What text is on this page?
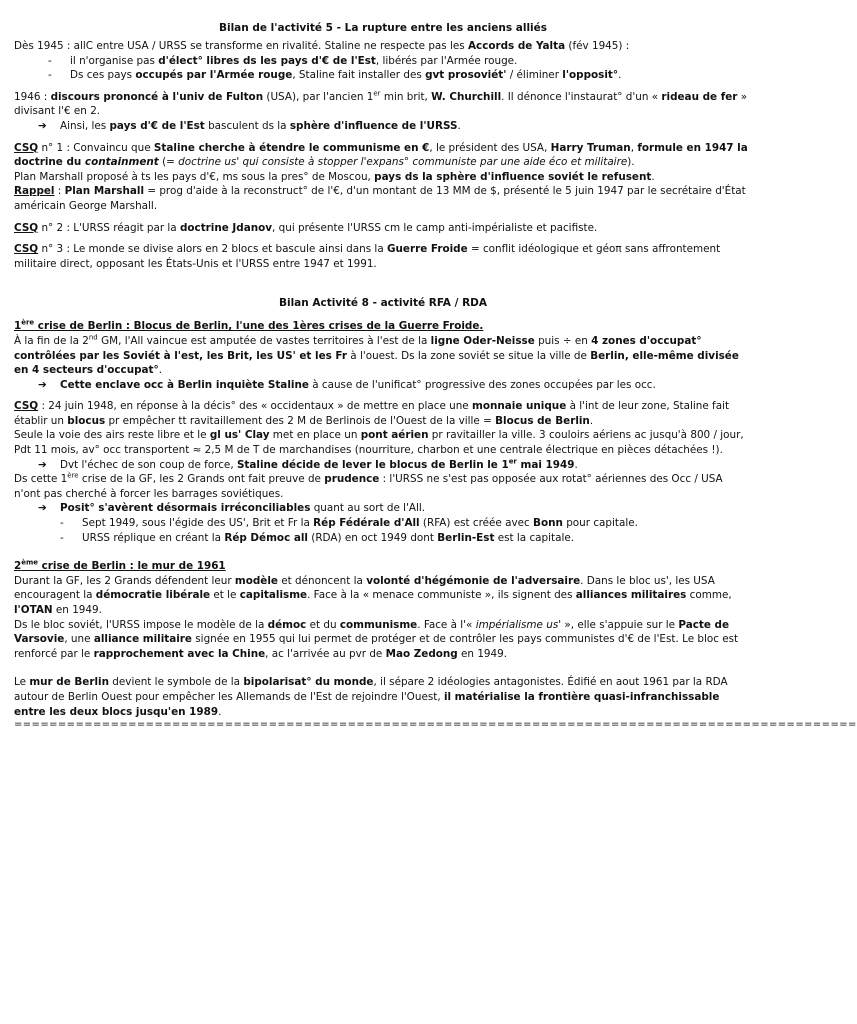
Bilan de l'activité 5 - La rupture entre les anciens alliés

Dès 1945 : allC entre USA / URSS se transforme en rivalité. Staline ne respecte pas les Accords de Yalta (fév 1945) :

- il n'organise pas d'élect° libres ds les pays d'€ de l'Est, libérés par l'Armée rouge.

- Ds ces pays occupés par l'Armée rouge, Staline fait installer des gvt prosoviét' / éliminer l'opposit°.

1946 : discours prononcé à l'univ de Fulton (USA), par l'ancien 1er min brit, W. Churchill. Il dénonce l'instaurat° d'un « rideau de fer » divisant l'€ en 2.

➔ Ainsi, les pays d'€ de l'Est basculent ds la sphère d'influence de l'URSS.

CSQ n° 1 : Convaincu que Staline cherche à étendre le communisme en €, le président des USA, Harry Truman, formule en 1947 la doctrine du containment (= doctrine us' qui consiste à stopper l'expans° communiste par une aide éco et militaire).

Plan Marshall proposé à ts les pays d'€, ms sous la pres° de Moscou, pays ds la sphère d'influence soviét le refusent.

Rappel : Plan Marshall = prog d'aide à la reconstruct° de l'€, d'un montant de 13 MM de $, présenté le 5 juin 1947 par le secrétaire d'État américain George Marshall.

CSQ n° 2 : L'URSS réagit par la doctrine Jdanov, qui présente l'URSS cm le camp anti-impérialiste et pacifiste.

CSQ n° 3 : Le monde se divise alors en 2 blocs et bascule ainsi dans la Guerre Froide = conflit idéologique et géoπ sans affrontement militaire direct, opposant les États-Unis et l'URSS entre 1947 et 1991.

Bilan Activité 8 - activité RFA / RDA

1ère crise de Berlin : Blocus de Berlin, l'une des 1ères crises de la Guerre Froide.

À la fin de la 2nd GM, l'All vaincue est amputée de vastes territoires à l'est de la ligne Oder-Neisse puis ÷ en 4 zones d'occupat° contrôlées par les Soviét à l'est, les Brit, les US' et les Fr à l'ouest. Ds la zone soviét se situe la ville de Berlin, elle-même divisée en 4 secteurs d'occupat°.

➔ Cette enclave occ à Berlin inquiète Staline à cause de l'unificat° progressive des zones occupées par les occ.

CSQ : 24 juin 1948, en réponse à la décis° des « occidentaux » de mettre en place une monnaie unique à l'int de leur zone, Staline fait établir un blocus pr empêcher tt ravitaillement des 2 M de Berlinois de l'Ouest de la ville = Blocus de Berlin.

Seule la voie des airs reste libre et le gl us' Clay met en place un pont aérien pr ravitailler la ville. 3 couloirs aériens ac jusqu'à 800 / jour, Pdt 11 mois, av° occ transportent ≈ 2,5 M de T de marchandises (nourriture, charbon et une centrale électrique en pièces détachées !).

➔ Dvt l'échec de son coup de force, Staline décide de lever le blocus de Berlin le 1er mai 1949.

Ds cette 1ère crise de la GF, les 2 Grands ont fait preuve de prudence : l'URSS ne s'est pas opposée aux rotat° aériennes des Occ / USA n'ont pas cherché à forcer les barrages soviétiques.

➔ Posit° s'avèrent désormais irréconciliables quant au sort de l'All.

- Sept 1949, sous l'égide des US', Brit et Fr la Rép Fédérale d'All (RFA) est créée avec Bonn pour capitale.

- URSS réplique en créant la Rép Démoc all (RDA) en oct 1949 dont Berlin-Est est la capitale.

2ème crise de Berlin : le mur de 1961

Durant la GF, les 2 Grands défendent leur modèle et dénoncent la volonté d'hégémonie de l'adversaire. Dans le bloc us', les USA encouragent la démocratie libérale et le capitalisme. Face à la « menace communiste », ils signent des alliances militaires comme, l'OTAN en 1949.

Ds le bloc soviét, l'URSS impose le modèle de la démoc et du communisme. Face à l'« impérialisme us' », elle s'appuie sur le Pacte de Varsovie, une alliance militaire signée en 1955 qui lui permet de protéger et de contrôler les pays communistes d'€ de l'Est. Le bloc est renforcé par le rapprochement avec la Chine, ac l'arrivée au pvr de Mao Zedong en 1949.

Le mur de Berlin devient le symbole de la bipolarisat° du monde, il sépare 2 idéologies antagonistes. Édifié en aout 1961 par la RDA autour de Berlin Ouest pour empêcher les Allemands de l'Est de rejoindre l'Ouest, il matérialise la frontière quasi-infranchissable entre les deux blocs jusqu'en 1989.

================================================================================================
